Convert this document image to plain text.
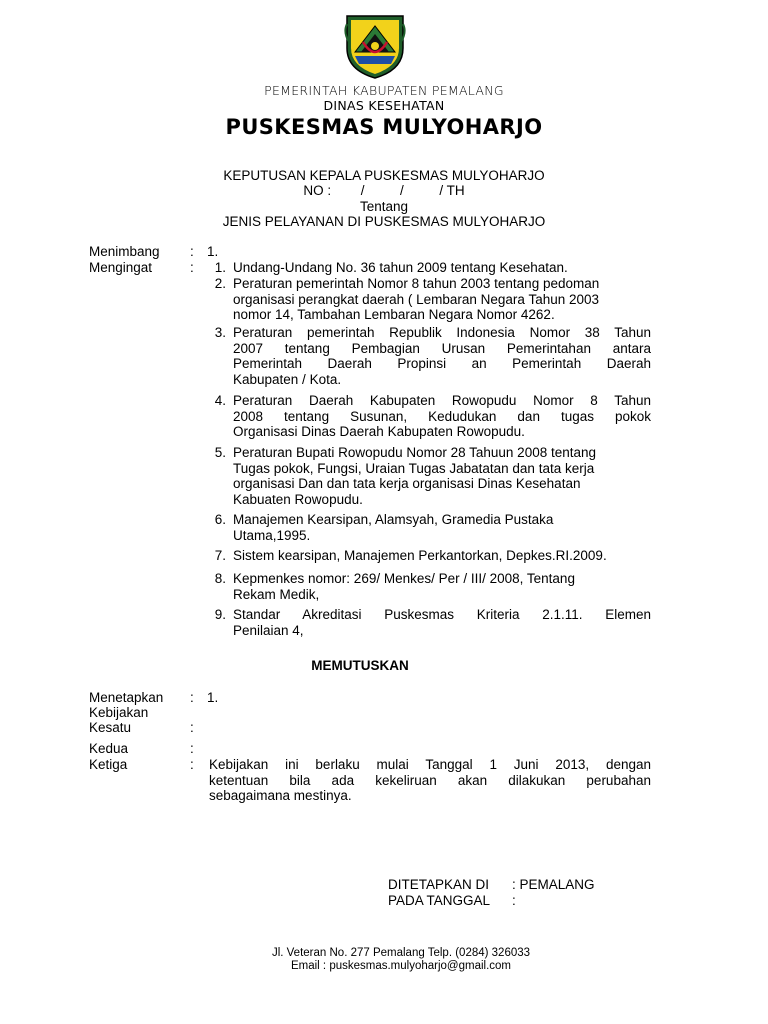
PEMERINTAH KABUPATEN PEMALANG
DINAS KESEHATAN
PUSKESMAS MULYOHARJO
KEPUTUSAN KEPALA PUSKESMAS MULYOHARJO
NO : /	/	/ TH
Tentang
JENIS PELAYANAN DI PUSKESMAS MULYOHARJO
Menimbang : 1.
Mengingat	:	1. Undang-Undang No. 36 tahun 2009 tentang Kesehatan.
2. Peraturan pemerintah Nomor 8 tahun 2003 tentang pedoman
organisasi perangkat daerah ( Lembaran Negara Tahun 2003
nomor 14, Tambahan Lembaran Negara Nomor 4262.
3. Peraturan pemerintah Republik Indonesia Nomor 38 Tahun
2007 tentang Pembagian Urusan Pemerintahan antara
Pemerintah Daerah Propinsi an Pemerintah Daerah
Kabupaten / Kota.
4. Peraturan Daerah Kabupaten Rowopudu Nomor 8 Tahun
2008 tentang Susunan, Kedudukan dan tugas pokok
Organisasi Dinas Daerah Kabupaten Rowopudu.
5. Peraturan Bupati Rowopudu Nomor 28 Tahuun 2008 tentang
Tugas pokok, Fungsi, Uraian Tugas Jabatatan dan tata kerja
organisasi Dan dan tata kerja organisasi Dinas Kesehatan
Kabuaten Rowopudu.
6. Manajemen Kearsipan, Alamsyah, Gramedia Pustaka
Utama,1995.
7. Sistem kearsipan, Manajemen Perkantorkan, Depkes.RI.2009.
8. Kepmenkes nomor: 269/ Menkes/ Per / III/ 2008, Tentang
Rekam Medik,
9. Standar Akreditasi Puskesmas Kriteria 2.1.11. Elemen
Penilaian 4,
MEMUTUSKAN
Menetapkan : 1.
Kebijakan
Kesatu	:
Kedua	:
Ketiga	: Kebijakan ini berlaku mulai Tanggal 1 Juni 2013, dengan
ketentuan bila ada kekeliruan akan dilakukan perubahan
sebagaimana mestinya.
DITETAPKAN DI : PEMALANG
PADA TANGGAL :
Jl. Veteran No. 277 Pemalang Telp. (0284) 326033
Email : puskesmas.mulyoharjo@gmail.com
